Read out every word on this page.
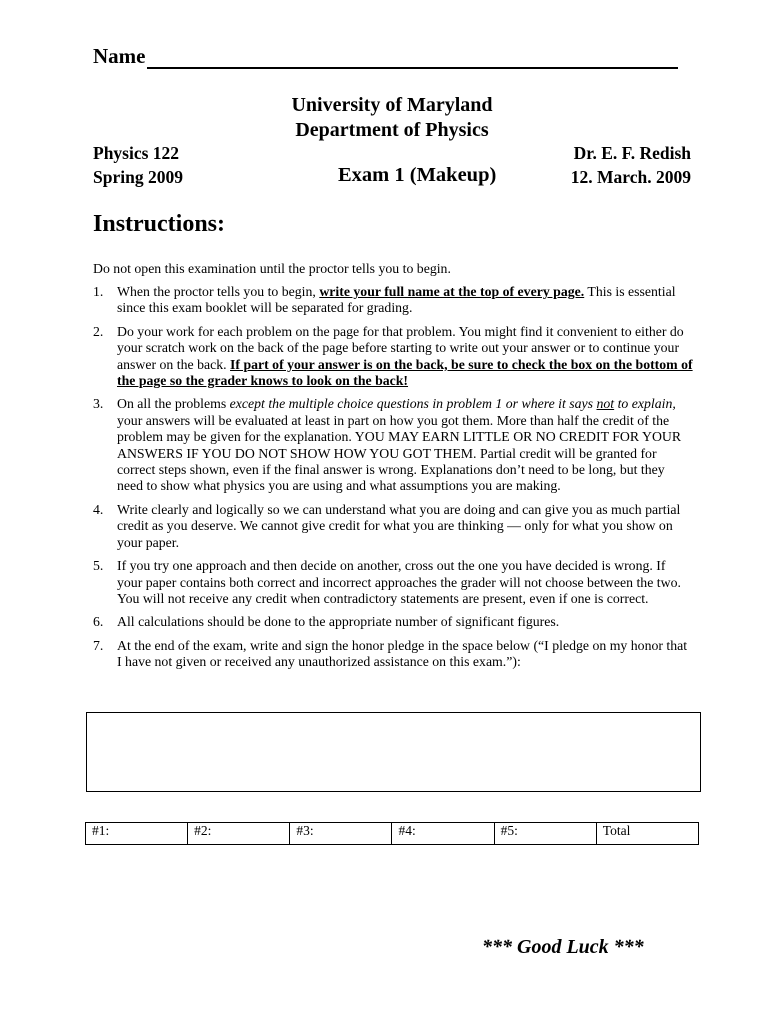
Name
University of Maryland
Department of Physics
Physics 122
Spring 2009	Exam 1 (Makeup)
Dr. E. F. Redish
12. March. 2009
Instructions:
Do not open this examination until the proctor tells you to begin.
1. When the proctor tells you to begin, write your full name at the top of every page. This is essential since this exam booklet will be separated for grading.
2. Do your work for each problem on the page for that problem. You might find it convenient to either do your scratch work on the back of the page before starting to write out your answer or to continue your answer on the back. If part of your answer is on the back, be sure to check the box on the bottom of the page so the grader knows to look on the back!
3. On all the problems except the multiple choice questions in problem 1 or where it says not to explain, your answers will be evaluated at least in part on how you got them. More than half the credit of the problem may be given for the explanation. YOU MAY EARN LITTLE OR NO CREDIT FOR YOUR ANSWERS IF YOU DO NOT SHOW HOW YOU GOT THEM. Partial credit will be granted for correct steps shown, even if the final answer is wrong. Explanations don’t need to be long, but they need to show what physics you are using and what assumptions you are making.
4. Write clearly and logically so we can understand what you are doing and can give you as much partial credit as you deserve. We cannot give credit for what you are thinking — only for what you show on your paper.
5. If you try one approach and then decide on another, cross out the one you have decided is wrong. If your paper contains both correct and incorrect approaches the grader will not choose between the two. You will not receive any credit when contradictory statements are present, even if one is correct.
6. All calculations should be done to the appropriate number of significant figures.
7. At the end of the exam, write and sign the honor pledge in the space below (“I pledge on my honor that I have not given or received any unauthorized assistance on this exam.”):
#1:	#2:	#3:	#4:	#5:	Total
*** Good Luck ***
